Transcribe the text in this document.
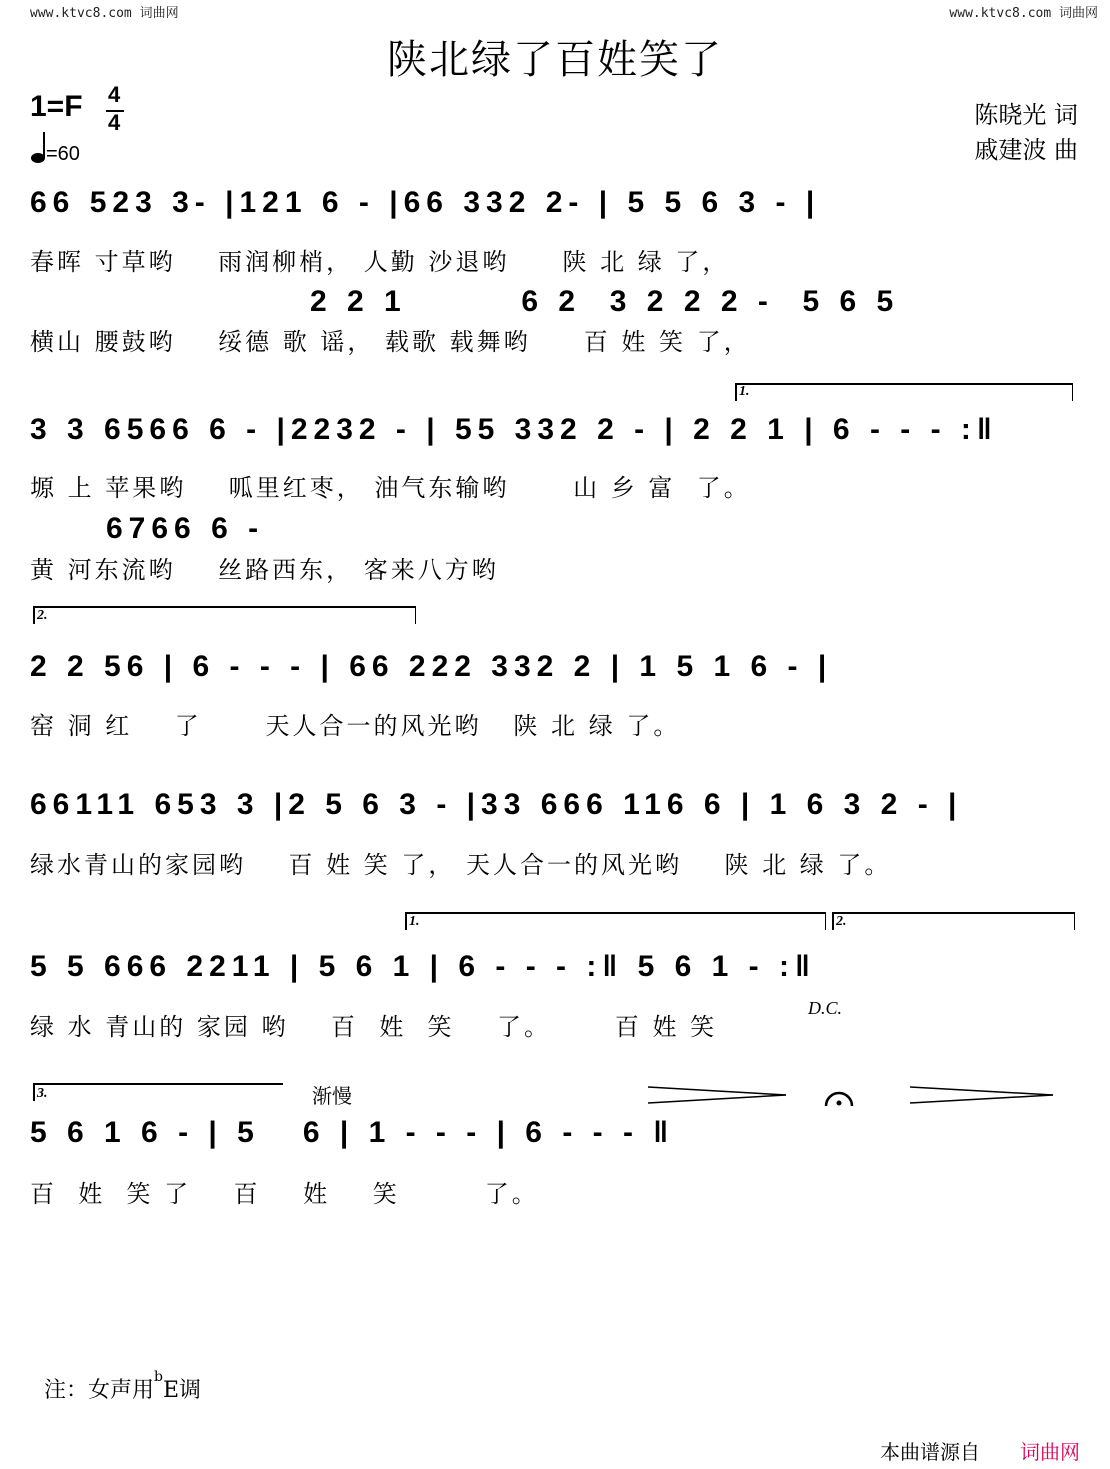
www.ktvc8.com 词曲网	www.ktvc8.com 词曲网
陕北绿了百姓笑了
1=F 4
4
=60
陈晓光 词
戚建波 曲
66 523 3- |121 6 - |66 332 2- | 5 5 6 3 - |
春晖 寸草哟    雨润柳梢， 人勤 沙退哟     陕 北 绿 了，
2 2 1        6 2  3 2 2 2 -  5 6 5
横山 腰鼓哟    绥德 歌 谣， 载歌 载舞哟     百 姓 笑 了，
1.
3 3 6566 6 - |2232 - | 55 332 2 - | 2 2 1 | 6 - - - :‖
塬 上 苹果哟    呱里红枣， 油气东输哟      山 乡 富  了。
6766 6 -
黄 河东流哟    丝路西东， 客来八方哟
2.
2 2 56 | 6 - - - | 66 222 332 2 | 1 5 1 6 - |
窑 洞 红    了      天人合一的风光哟   陕 北 绿 了。
66111 653 3 |2 5 6 3 - |33 666 116 6 | 1 6 3 2 - |
绿水青山的家园哟    百 姓 笑 了， 天人合一的风光哟    陕 北 绿 了。
1.	2.
5 5 666 2211 | 5 6 1 | 6 - - - :‖ 5 6 1 - :‖
D.C.
绿 水 青山的 家园 哟    百  姓  笑    了。      百 姓 笑
3.	渐慢
5 6 1 6 - | 5   6 | 1 - - - | 6 - - - ‖
百  姓  笑 了    百    姓    笑        了。

注：女声用$^b$E调

本曲谱源自 词曲网
